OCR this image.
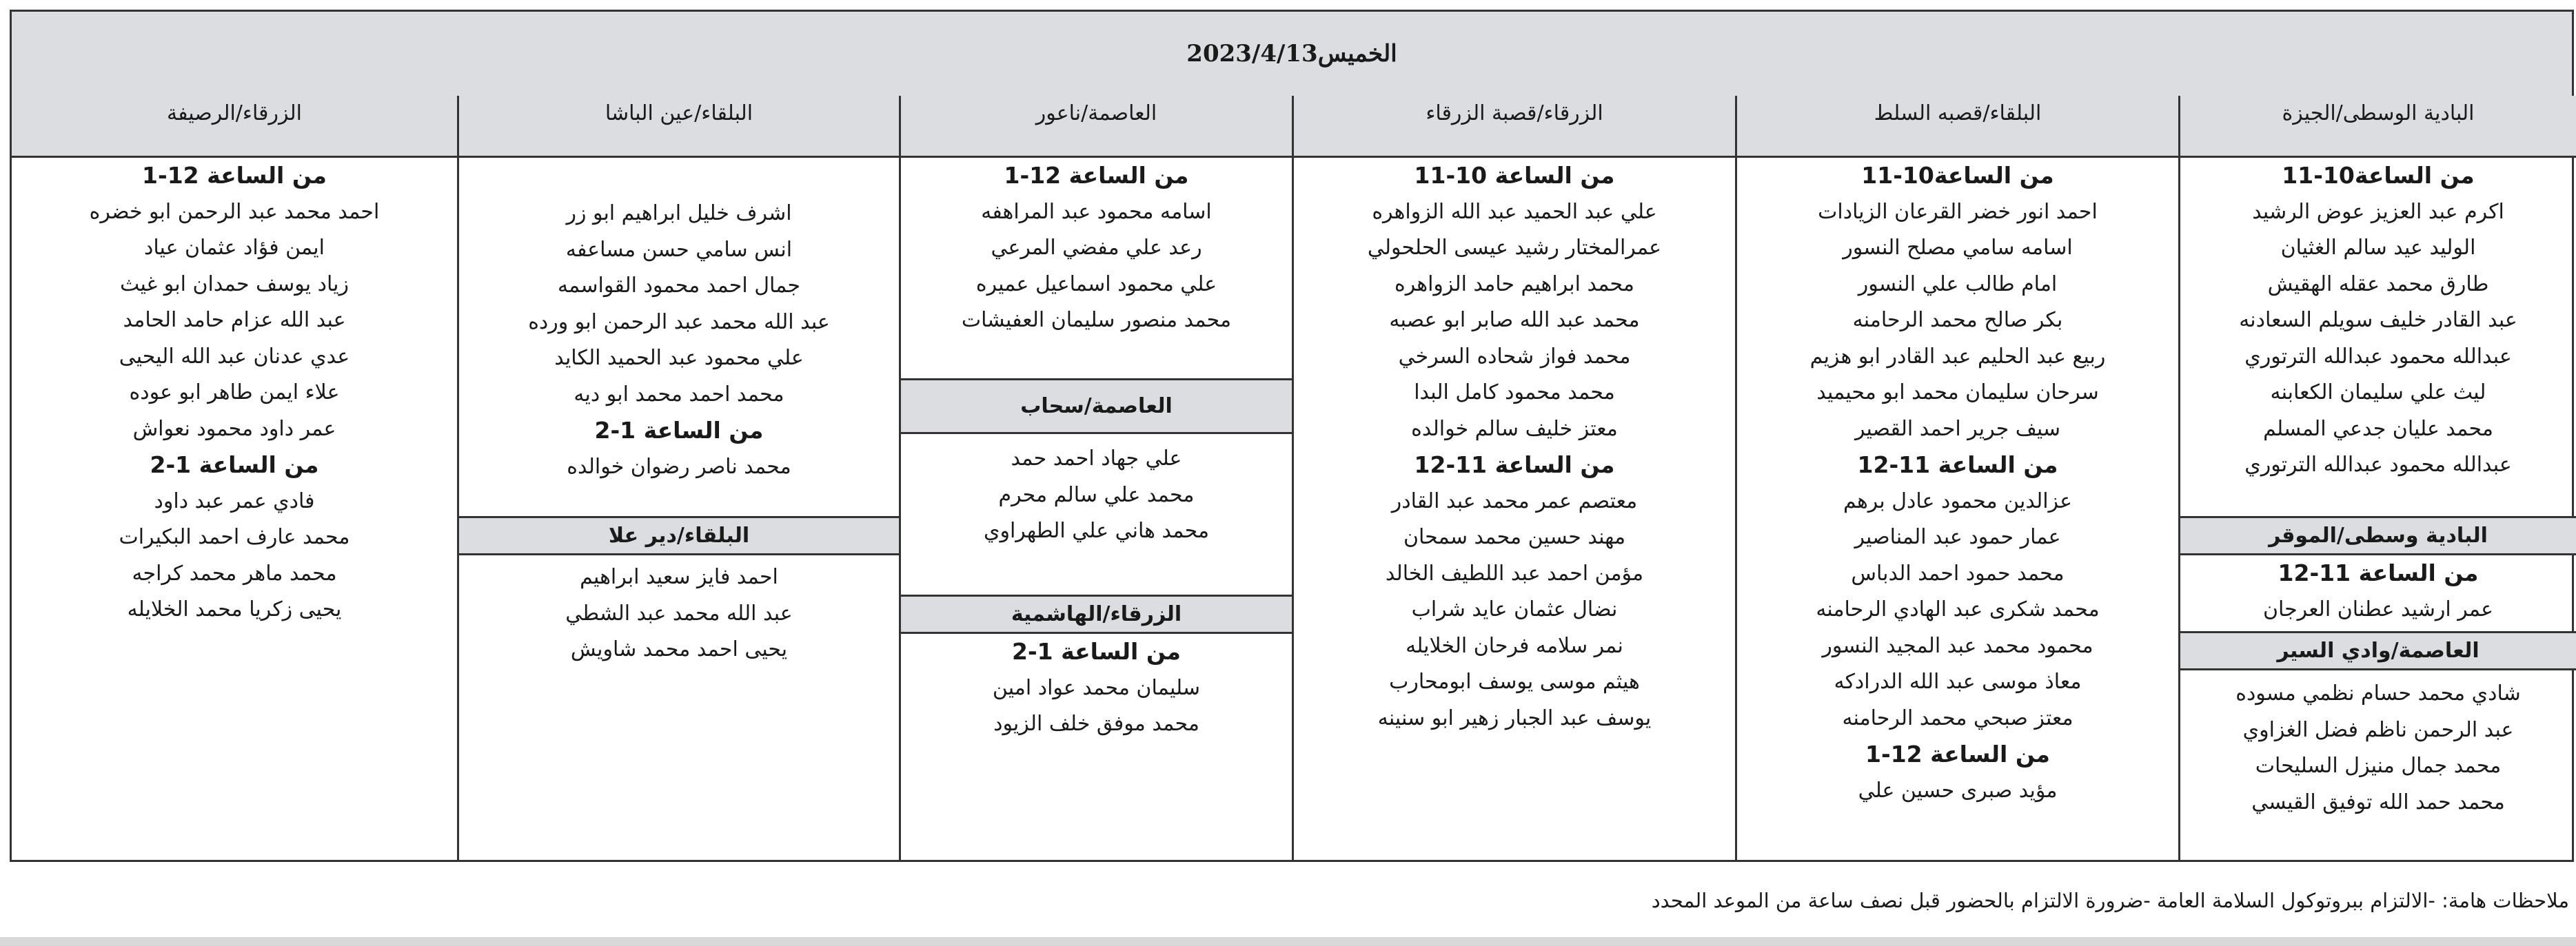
الخميس2023/4/13
البادية الوسطى/الجيزة
من الساعة10-11
اكرم عبد العزيز عوض الرشيد
الوليد عيد سالم الغثيان
طارق محمد عقله الهقيش
عبد القادر خليف سويلم السعادنه
عبدالله محمود عبدالله الترتوري
ليث علي سليمان الكعابنه
محمد عليان جدعي المسلم
عبدالله محمود عبدالله الترتوري
البادية وسطى/الموقر
من الساعة 11-12
عمر ارشيد عطنان العرجان
العاصمة/وادي السير
شادي محمد حسام نظمي مسوده
عبد الرحمن ناظم فضل الغزاوي
محمد جمال منيزل السليحات
محمد حمد الله توفيق القيسي
البلقاء/قصبه السلط
من الساعة10-11
احمد انور خضر القرعان الزيادات
اسامه سامي مصلح النسور
امام طالب علي النسور
بكر صالح محمد الرحامنه
ربيع عبد الحليم عبد القادر ابو هزيم
سرحان سليمان محمد ابو محيميد
سيف جرير احمد القصير
من الساعة 11-12
عزالدين محمود عادل برهم
عمار حمود عبد المناصير
محمد حمود احمد الدباس
محمد شكرى عبد الهادي الرحامنه
محمود محمد عبد المجيد النسور
معاذ موسى عبد الله الدرادكه
معتز صبحي محمد الرحامنه
من الساعة 12-1
مؤيد صبرى حسين علي
الزرقاء/قصبة الزرقاء
من الساعة 10-11
علي عبد الحميد عبد الله الزواهره
عمرالمختار رشيد عيسى الحلحولي
محمد ابراهيم حامد الزواهره
محمد عبد الله صابر ابو عصبه
محمد فواز شحاده السرخي
محمد محمود كامل البدا
معتز خليف سالم خوالده
من الساعة 11-12
معتصم عمر محمد عبد القادر
مهند حسين محمد سمحان
مؤمن احمد عبد اللطيف الخالد
نضال عثمان عايد شراب
نمر سلامه فرحان الخلايله
هيثم موسى يوسف ابومحارب
يوسف عبد الجبار زهير ابو سنينه
العاصمة/ناعور
من الساعة 12-1
اسامه محمود عبد المراهفه
رعد علي مفضي المرعي
علي محمود اسماعيل عميره
محمد منصور سليمان العفيشات
العاصمة/سحاب
علي جهاد احمد حمد
محمد علي سالم محرم
محمد هاني علي الطهراوي
الزرقاء/الهاشمية
من الساعة 1-2
سليمان محمد عواد امين
محمد موفق خلف الزيود
البلقاء/عين الباشا
اشرف خليل ابراهيم ابو زر
انس سامي حسن مساعفه
جمال احمد محمود القواسمه
عبد الله محمد عبد الرحمن ابو ورده
علي محمود عبد الحميد الكايد
محمد احمد محمد ابو ديه
من الساعة 1-2
محمد ناصر رضوان خوالده
البلقاء/دير علا
احمد فايز سعيد ابراهيم
عبد الله محمد عبد الشطي
يحيى احمد محمد شاويش
الزرقاء/الرصيفة
من الساعة 12-1
احمد محمد عبد الرحمن ابو خضره
ايمن فؤاد عثمان عياد
زياد يوسف حمدان ابو غيث
عبد الله عزام حامد الحامد
عدي عدنان عبد الله اليحيى
علاء ايمن طاهر ابو عوده
عمر داود محمود نعواش
من الساعة 1-2
فادي عمر عبد داود
محمد عارف احمد البكيرات
محمد ماهر محمد كراجه
يحيى زكريا محمد الخلايله
ملاحظات هامة: -الالتزام ببروتوكول السلامة العامة -ضرورة الالتزام بالحضور قبل نصف ساعة من الموعد المحدد
